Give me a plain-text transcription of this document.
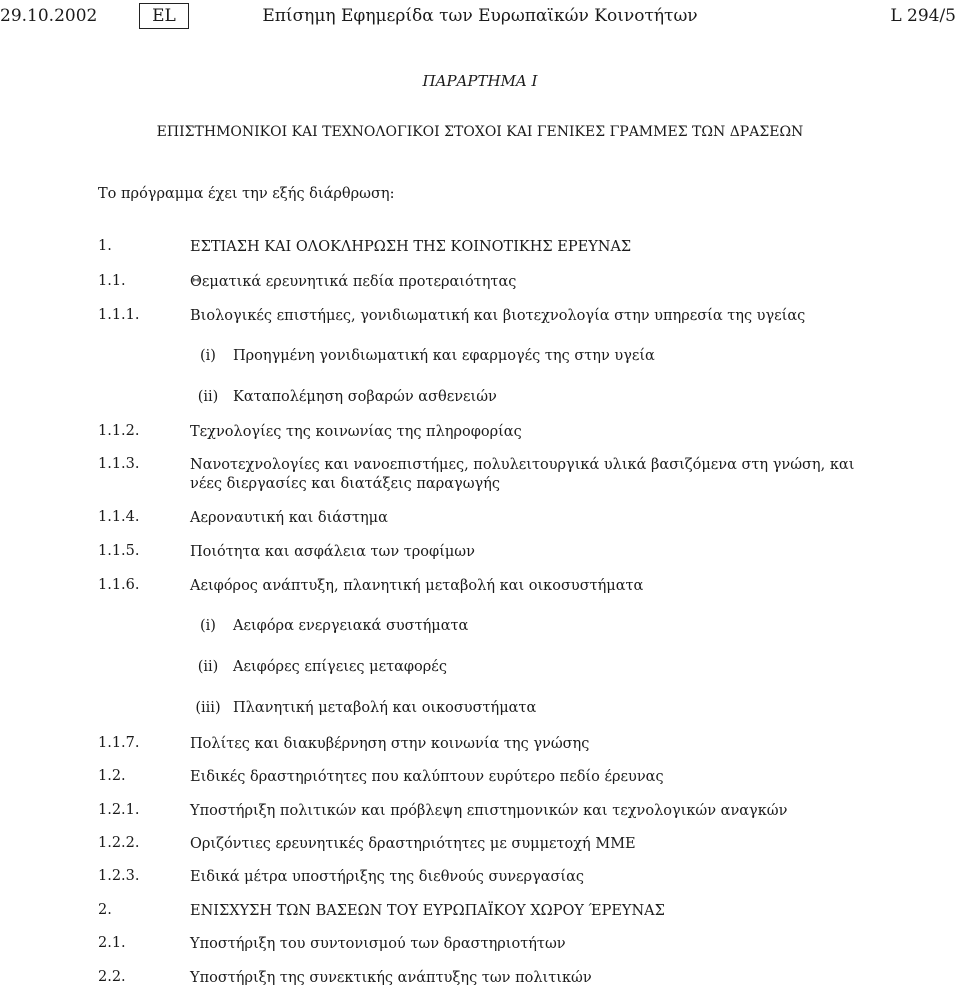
29.10.2002	EL	Επίσημη Εφημερίδα των Ευρωπαϊκών Κοινοτήτων	L 294/5
ΠΑΡΑΡΤΗΜΑ Ι
ΕΠΙΣΤΗΜΟΝΙΚΟΙ ΚΑΙ ΤΕΧΝΟΛΟΓΙΚΟΙ ΣΤΟΧΟΙ ΚΑΙ ΓΕΝΙΚΕΣ ΓΡΑΜΜΕΣ ΤΩΝ ΔΡΑΣΕΩΝ
Το πρόγραμμα έχει την εξής διάρθρωση:
1.	ΕΣΤΙΑΣΗ ΚΑΙ ΟΛΟΚΛΗΡΩΣΗ ΤΗΣ ΚΟΙΝΟΤΙΚΗΣ ΕΡΕΥΝΑΣ
1.1.	Θεματικά ερευνητικά πεδία προτεραιότητας
1.1.1.	Βιολογικές επιστήμες, γονιδιωματική και βιοτεχνολογία στην υπηρεσία της υγείας
(i)	Προηγμένη γονιδιωματική και εφαρμογές της στην υγεία
(ii)	Καταπολέμηση σοβαρών ασθενειών
1.1.2.	Τεχνολογίες της κοινωνίας της πληροφορίας
1.1.3.	Νανοτεχνολογίες και νανοεπιστήμες, πολυλειτουργικά υλικά βασιζόμενα στη γνώση, και νέες διεργασίες και διατάξεις παραγωγής
1.1.4.	Αεροναυτική και διάστημα
1.1.5.	Ποιότητα και ασφάλεια των τροφίμων
1.1.6.	Αειφόρος ανάπτυξη, πλανητική μεταβολή και οικοσυστήματα
(i)	Αειφόρα ενεργειακά συστήματα
(ii)	Αειφόρες επίγειες μεταφορές
(iii) Πλανητική μεταβολή και οικοσυστήματα
1.1.7.	Πολίτες και διακυβέρνηση στην κοινωνία της γνώσης
1.2.	Ειδικές δραστηριότητες που καλύπτουν ευρύτερο πεδίο έρευνας
1.2.1.	Υποστήριξη πολιτικών και πρόβλεψη επιστημονικών και τεχνολογικών αναγκών
1.2.2.	Οριζόντιες ερευνητικές δραστηριότητες με συμμετοχή ΜΜΕ
1.2.3.	Ειδικά μέτρα υποστήριξης της διεθνούς συνεργασίας
2.	ΕΝΙΣΧΥΣΗ ΤΩΝ ΒΑΣΕΩΝ ΤΟΥ ΕΥΡΩΠΑΪΚΟΥ ΧΩΡΟΥ ΈΡΕΥΝΑΣ
2.1.	Υποστήριξη του συντονισμού των δραστηριοτήτων
2.2.	Υποστήριξη της συνεκτικής ανάπτυξης των πολιτικών
